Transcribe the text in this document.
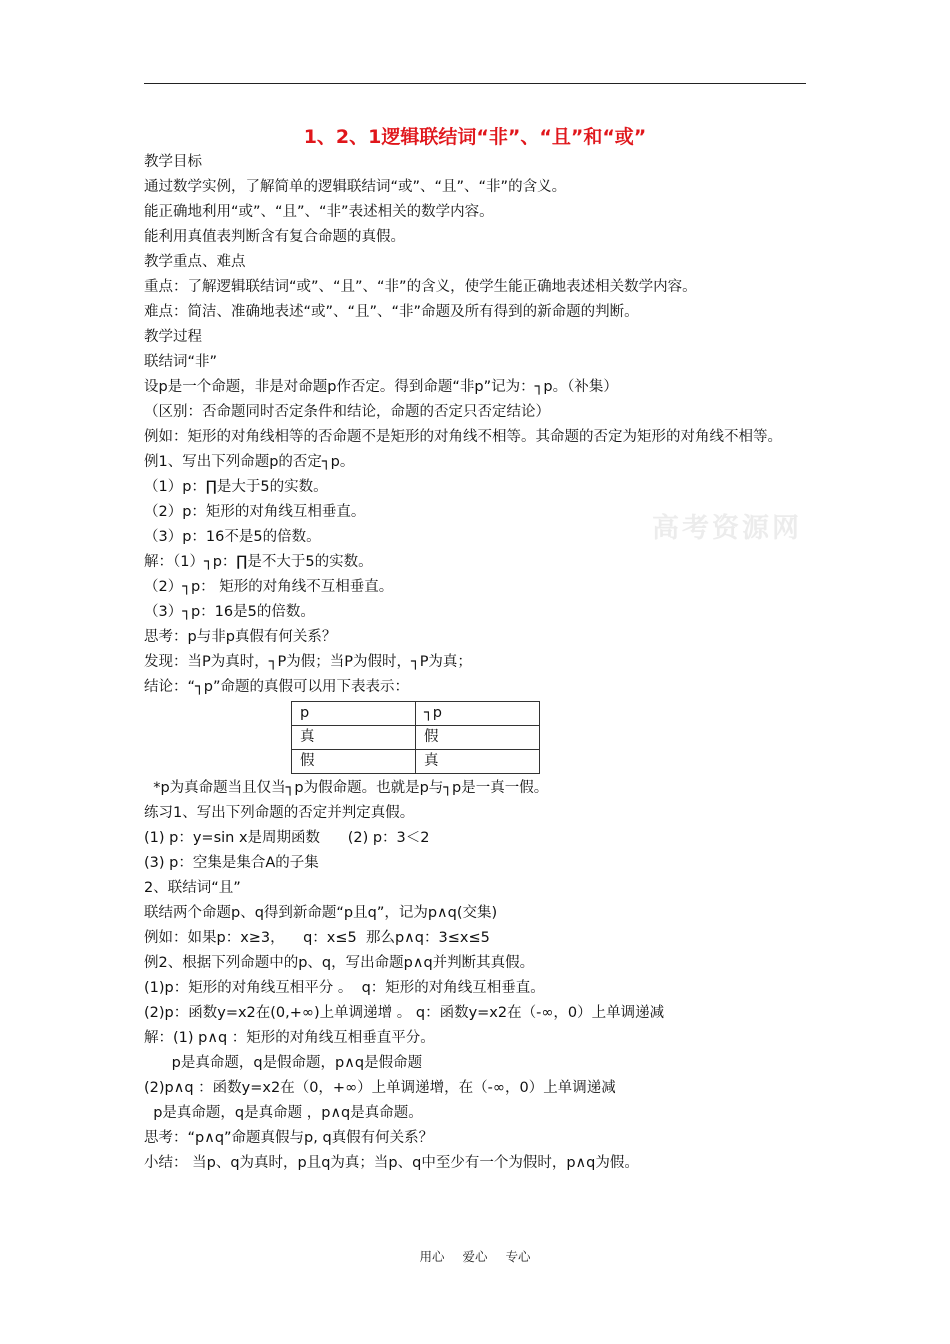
1、2、1逻辑联结词“非”、“且”和“或”
高考资源网

教学目标

通过数学实例，了解简单的逻辑联结词“或”、“且”、“非”的含义。

能正确地利用“或”、“且”、“非”表述相关的数学内容。

能利用真值表判断含有复合命题的真假。

教学重点、难点

重点：了解逻辑联结词“或”、“且”、“非”的含义，使学生能正确地表述相关数学内容。

难点：简洁、准确地表述“或”、“且”、“非”命题及所有得到的新命题的判断。

教学过程

联结词“非”

设p是一个命题，非是对命题p作否定。得到命题“非p”记为：┐p。（补集）

（区别：否命题同时否定条件和结论，命题的否定只否定结论）

例如：矩形的对角线相等的否命题不是矩形的对角线不相等。其命题的否定为矩形的对角线不相等。

例1、写出下列命题p的否定┐p。

（1）p：∏是大于5的实数。

（2）p：矩形的对角线互相垂直。

（3）p：16不是5的倍数。

解：（1）┐p：∏是不大于5的实数。

（2）┐p： 矩形的对角线不互相垂直。

（3）┐p：16是5的倍数。

思考：p与非p真假有何关系？

发现：当P为真时，┐P为假；当P为假时，┐P为真；

结论：“┐p”命题的真假可以用下表表示：

p	┐p
真	假
假	真

*p为真命题当且仅当┐p为假命题。也就是p与┐p是一真一假。

练习1、写出下列命题的否定并判定真假。

(1) p：y=sin x是周期函数      (2) p：3＜2

(3) p：空集是集合A的子集

2、联结词“且”

联结两个命题p、q得到新命题“p且q”，记为p∧q(交集)

例如：如果p：x≥3，    q：x≤5  那么p∧q：3≤x≤5

例2、根据下列命题中的p、q，写出命题p∧q并判断其真假。

(1)p：矩形的对角线互相平分 。  q：矩形的对角线互相垂直。

(2)p：函数y=x2在(0,+∞)上单调递增 。 q：函数y=x2在（-∞，0）上单调递减

解：(1) p∧q ：矩形的对角线互相垂直平分。

p是真命题，q是假命题，p∧q是假命题

(2)p∧q ：函数y=x2在（0，+∞）上单调递增，在（-∞，0）上单调递减

p是真命题，q是真命题 ，p∧q是真命题。

思考：“p∧q”命题真假与p, q真假有何关系？

小结： 当p、q为真时，p且q为真；当p、q中至少有一个为假时，p∧q为假。

用心 爱心 专心
